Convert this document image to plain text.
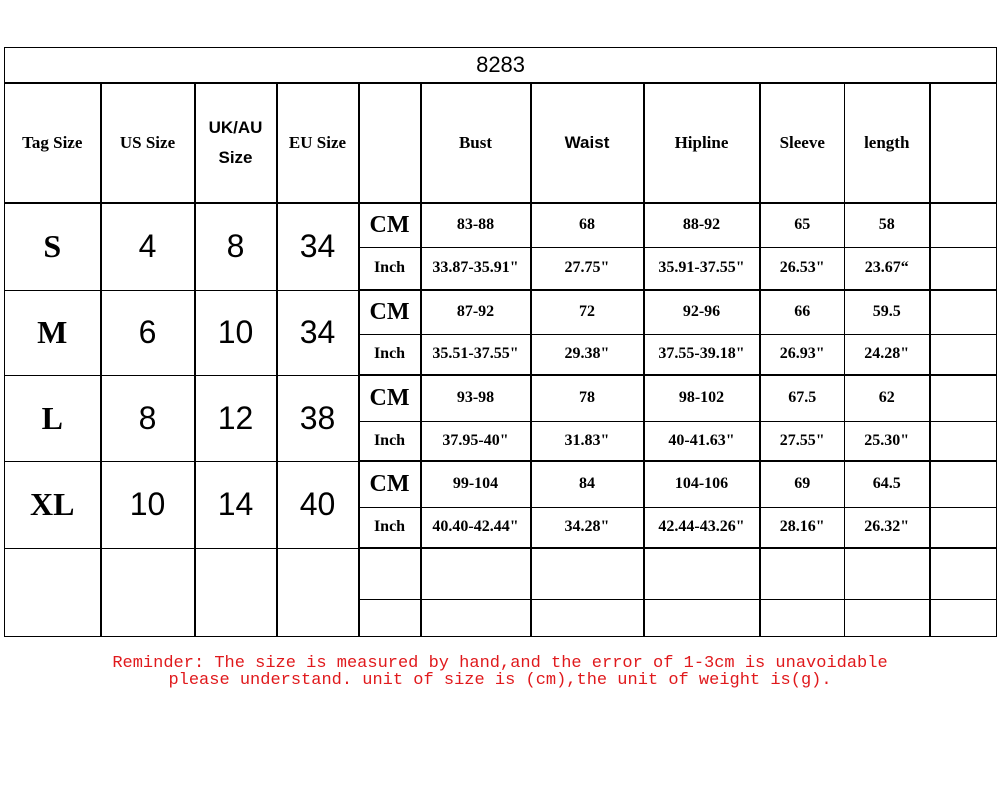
8283										
Tag Size	US Size	UK/AU Size	EU Size		Bust	Waist	Hipline	Sleeve	length	
S	4	8	34	CM	83-88	68	88-92	65	58	
				Inch	33.87-35.91"	27.75"	35.91-37.55"	26.53"	23.67“	
M	6	10	34	CM	87-92	72	92-96	66	59.5	
				Inch	35.51-37.55"	29.38"	37.55-39.18"	26.93"	24.28"	
L	8	12	38	CM	93-98	78	98-102	67.5	62	
				Inch	37.95-40"	31.83"	40-41.63"	27.55"	25.30"	
XL	10	14	40	CM	99-104	84	104-106	69	64.5	
				Inch	40.40-42.44"	34.28"	42.44-43.26"	28.16"	26.32"	

Reminder: The size is measured by hand,and the error of 1-3cm is unavoidable
please understand. unit of size is (cm),the unit of weight is(g).
